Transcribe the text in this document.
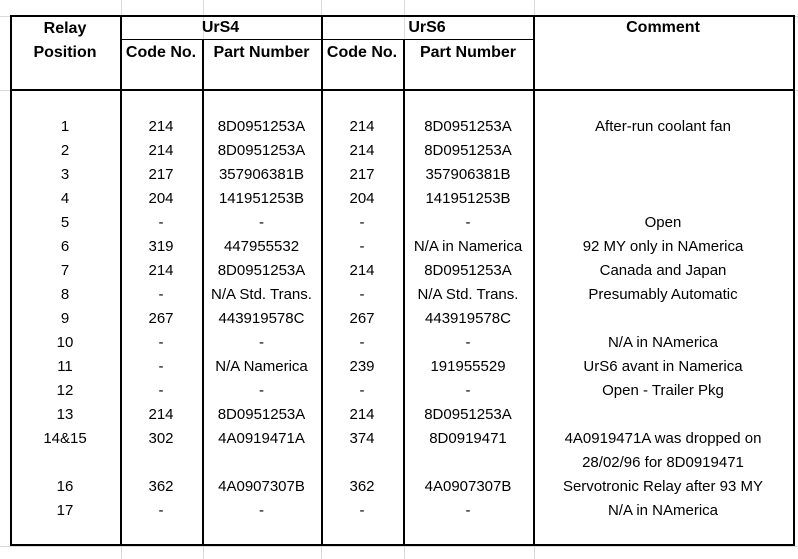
Relay
Position
UrS4	UrS6	Comment
Code No.	Part Number	Code No.	Part Number
1	214	8D0951253A	214	8D0951253A	After-run coolant fan
2	214	8D0951253A	214	8D0951253A
3	217	357906381B	217	357906381B
4	204	141951253B	204	141951253B
5	-	-	-	-	Open
6	319	447955532	-	N/A in Namerica	92 MY only in NAmerica
7	214	8D0951253A	214	8D0951253A	Canada and Japan
8	-	N/A Std. Trans.	-	N/A Std. Trans.	Presumably Automatic
9	267	443919578C	267	443919578C
10	-	-	-	-	N/A in NAmerica
11	-	N/A Namerica	239	191955529	UrS6 avant in Namerica
12	-	-	-	-	Open - Trailer Pkg
13	214	8D0951253A	214	8D0951253A
14&15	302	4A0919471A	374	8D0919471	4A0919471A was dropped on
28/02/96 for 8D0919471
16	362	4A0907307B	362	4A0907307B	Servotronic Relay after 93 MY
17	-	-	-	-	N/A in NAmerica
